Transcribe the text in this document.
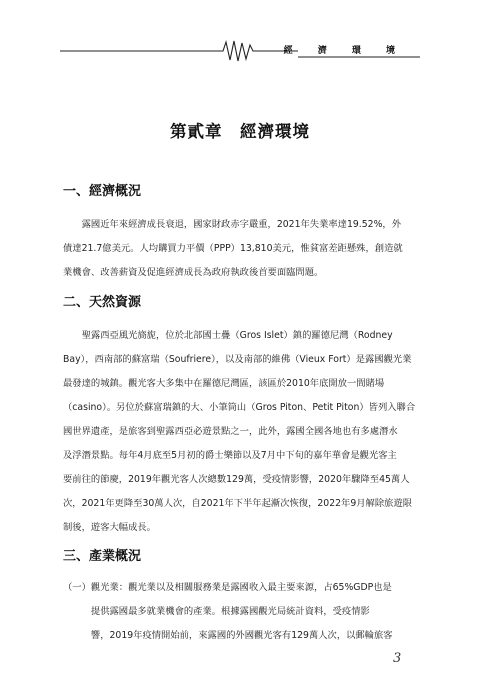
經 濟 環 境
第貳章　經濟環境
一、經濟概況
　　露國近年來經濟成長衰退，國家財政赤字嚴重，2021年失業率達19.52%，外
債達21.7億美元。人均購買力平價（PPP）13,810美元，惟貧富差距懸殊，創造就
業機會、改善薪資及促進經濟成長為政府執政後首要面臨問題。
二、天然資源
　　聖露西亞風光旖旎，位於北部國士疊（Gros Islet）鎮的羅德尼灣（Rodney
Bay），西南部的蘇富瑞（Soufriere），以及南部的維佛（Vieux Fort）是露國觀光業
最發達的城鎮。觀光客大多集中在羅德尼灣區，該區於2010年底開放一間賭場
（casino）。另位於蘇富瑞鎮的大、小筆筒山（Gros Piton、Petit Piton）皆列入聯合
國世界遺產，是旅客到聖露西亞必遊景點之一，此外，露國全國各地也有多處潛水
及浮潛景點。每年4月底至5月初的爵士樂節以及7月中下旬的嘉年華會是觀光客主
要前往的節慶，2019年觀光客人次總數129萬，受疫情影響，2020年驟降至45萬人
次，2021年更降至30萬人次，自2021年下半年起漸次恢復，2022年9月解除旅遊限
制後，遊客大幅成長。
三、產業概況
（一）觀光業：觀光業以及相關服務業是露國收入最主要來源，占65%GDP也是
　　　提供露國最多就業機會的產業。根據露國觀光局統計資料，受疫情影
　　　響，2019年疫情開始前，來露國的外國觀光客有129萬人次，以郵輪旅客
3
